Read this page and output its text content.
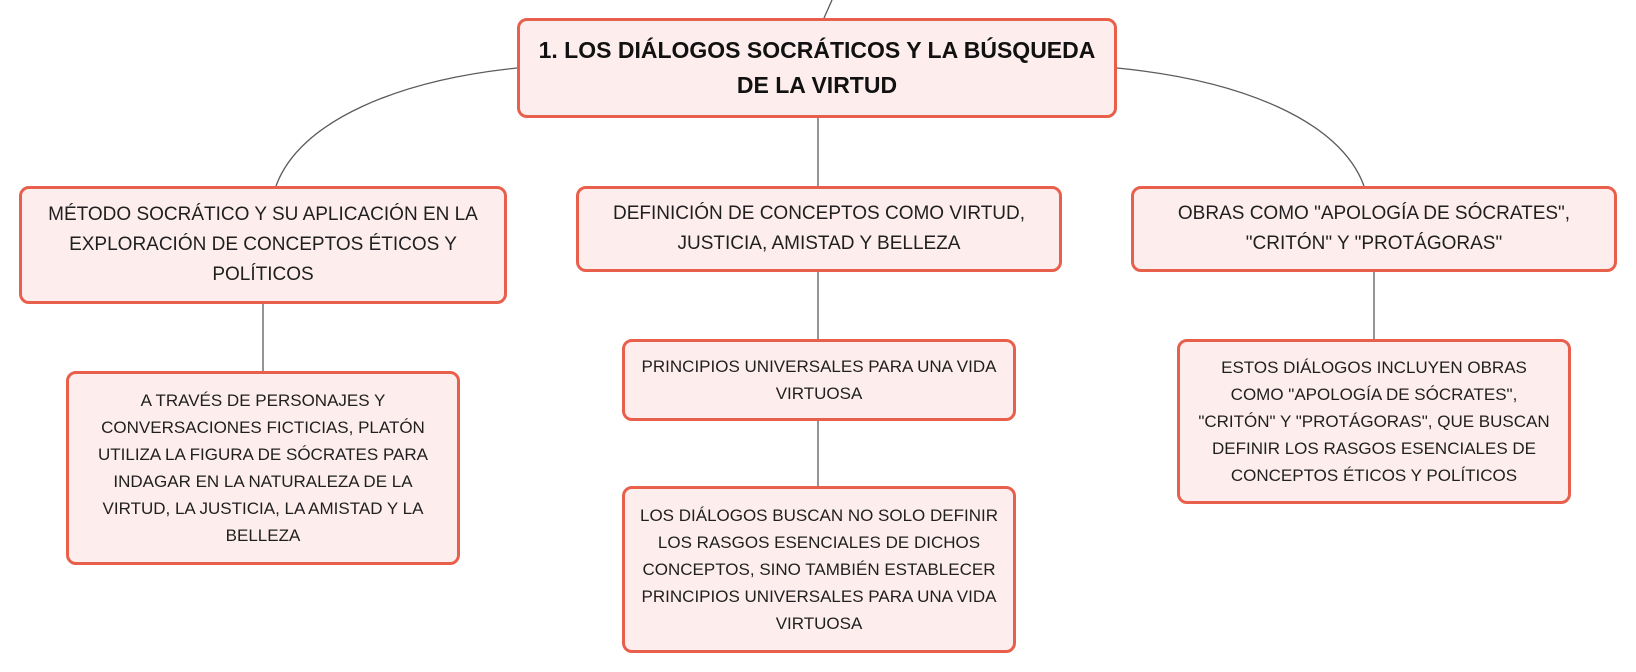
1. LOS DIÁLOGOS SOCRÁTICOS Y LA BÚSQUEDA DE LA VIRTUD
MÉTODO SOCRÁTICO Y SU APLICACIÓN EN LA EXPLORACIÓN DE CONCEPTOS ÉTICOS Y POLÍTICOS
DEFINICIÓN DE CONCEPTOS COMO VIRTUD, JUSTICIA, AMISTAD Y BELLEZA
OBRAS COMO "APOLOGÍA DE SÓCRATES", "CRITÓN" Y "PROTÁGORAS"
A TRAVÉS DE PERSONAJES Y CONVERSACIONES FICTICIAS, PLATÓN UTILIZA LA FIGURA DE SÓCRATES PARA INDAGAR EN LA NATURALEZA DE LA VIRTUD, LA JUSTICIA, LA AMISTAD Y LA BELLEZA
PRINCIPIOS UNIVERSALES PARA UNA VIDA VIRTUOSA
LOS DIÁLOGOS BUSCAN NO SOLO DEFINIR LOS RASGOS ESENCIALES DE DICHOS CONCEPTOS, SINO TAMBIÉN ESTABLECER PRINCIPIOS UNIVERSALES PARA UNA VIDA VIRTUOSA
ESTOS DIÁLOGOS INCLUYEN OBRAS COMO "APOLOGÍA DE SÓCRATES", "CRITÓN" Y "PROTÁGORAS", QUE BUSCAN DEFINIR LOS RASGOS ESENCIALES DE CONCEPTOS ÉTICOS Y POLÍTICOS
